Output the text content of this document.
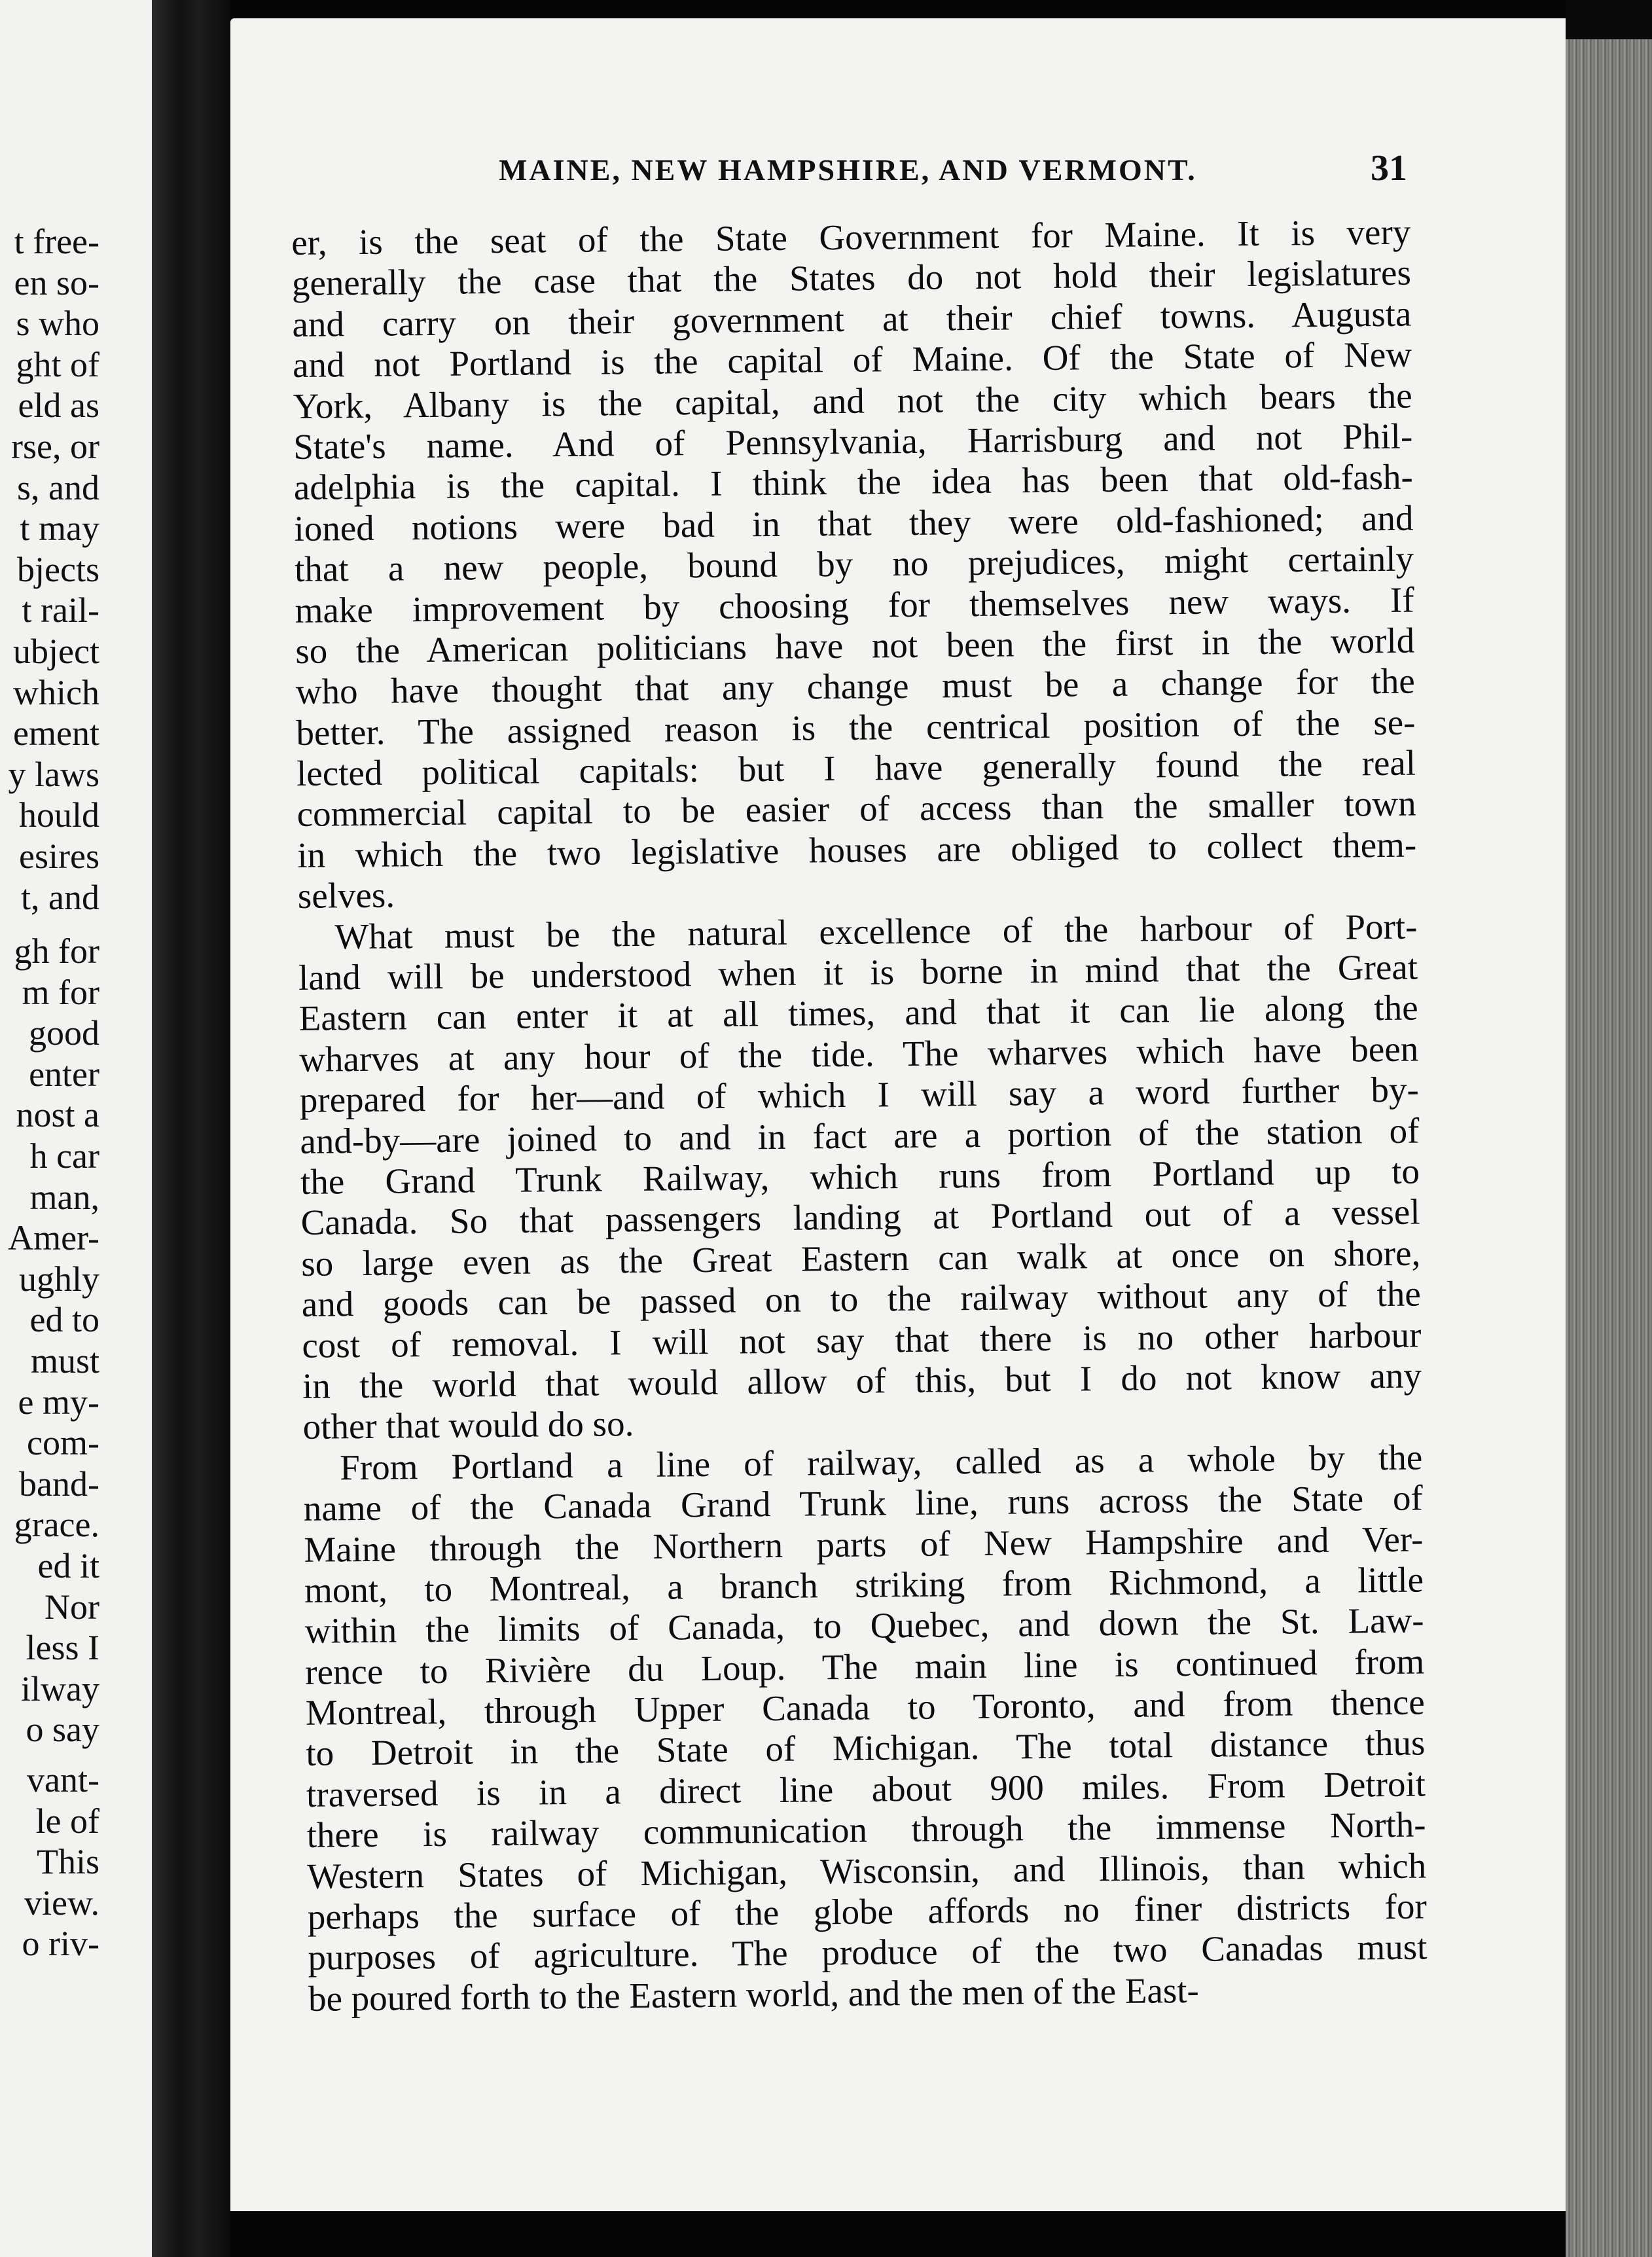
t free-
en so-
s who
ght of
eld as
rse, or
s, and
t may
bjects
t rail-
ubject
which
ement
y laws
hould
esires
t, and
gh for
m for
good
enter
nost a
h car
man,
Amer-
ughly
ed to
must
e my-
com-
band-
grace.
ed it
Nor
less I
ilway
o say
vant-
le of
This
view.
o riv-
MAINE, NEW HAMPSHIRE, AND VERMONT.	31
er, is the seat of the State Government for Maine. It is very
generally the case that the States do not hold their legislatures
and carry on their government at their chief towns. Augusta
and not Portland is the capital of Maine. Of the State of New
York, Albany is the capital, and not the city which bears the
State's name. And of Pennsylvania, Harrisburg and not Phil-
adelphia is the capital. I think the idea has been that old-fash-
ioned notions were bad in that they were old-fashioned; and
that a new people, bound by no prejudices, might certainly
make improvement by choosing for themselves new ways. If
so the American politicians have not been the first in the world
who have thought that any change must be a change for the
better. The assigned reason is the centrical position of the se-
lected political capitals: but I have generally found the real
commercial capital to be easier of access than the smaller town
in which the two legislative houses are obliged to collect them-
selves.
What must be the natural excellence of the harbour of Port-
land will be understood when it is borne in mind that the Great
Eastern can enter it at all times, and that it can lie along the
wharves at any hour of the tide. The wharves which have been
prepared for her—and of which I will say a word further by-
and-by—are joined to and in fact are a portion of the station of
the Grand Trunk Railway, which runs from Portland up to
Canada. So that passengers landing at Portland out of a vessel
so large even as the Great Eastern can walk at once on shore,
and goods can be passed on to the railway without any of the
cost of removal. I will not say that there is no other harbour
in the world that would allow of this, but I do not know any
other that would do so.
From Portland a line of railway, called as a whole by the
name of the Canada Grand Trunk line, runs across the State of
Maine through the Northern parts of New Hampshire and Ver-
mont, to Montreal, a branch striking from Richmond, a little
within the limits of Canada, to Quebec, and down the St. Law-
rence to Rivière du Loup. The main line is continued from
Montreal, through Upper Canada to Toronto, and from thence
to Detroit in the State of Michigan. The total distance thus
traversed is in a direct line about 900 miles. From Detroit
there is railway communication through the immense North-
Western States of Michigan, Wisconsin, and Illinois, than which
perhaps the surface of the globe affords no finer districts for
purposes of agriculture. The produce of the two Canadas must
be poured forth to the Eastern world, and the men of the East-
